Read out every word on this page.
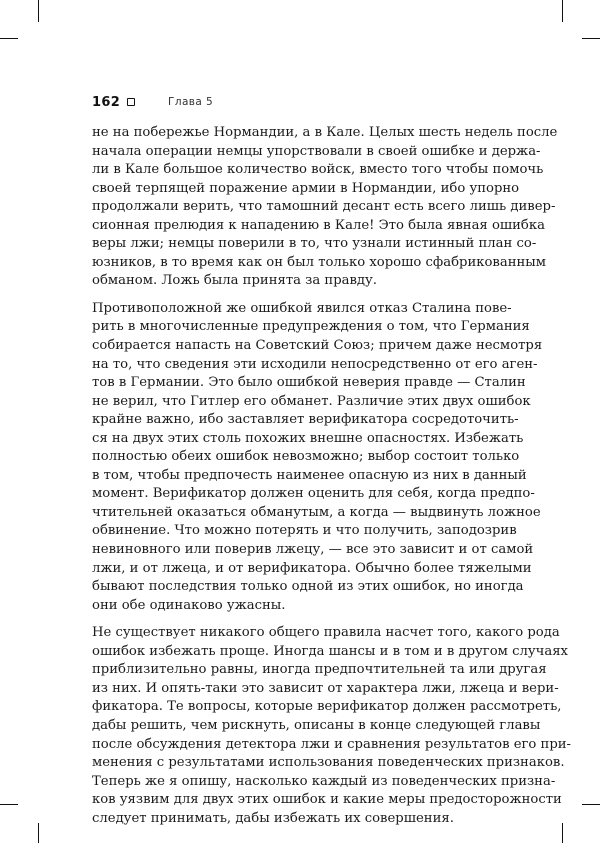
162	Глава 5

не на побережье Нормандии, а в Кале. Целых шесть недель после
начала операции немцы упорствовали в своей ошибке и держа-
ли в Кале большое количество войск, вместо того чтобы помочь
своей терпящей поражение армии в Нормандии, ибо упорно
продолжали верить, что тамошний десант есть всего лишь дивер-
сионная прелюдия к нападению в Кале! Это была явная ошибка
веры лжи; немцы поверили в то, что узнали истинный план со-
юзников, в то время как он был только хорошо сфабрикованным
обманом. Ложь была принята за правду.

Противоположной же ошибкой явился отказ Сталина пове-
рить в многочисленные предупреждения о том, что Германия
собирается напасть на Советский Союз; причем даже несмотря
на то, что сведения эти исходили непосредственно от его аген-
тов в Германии. Это было ошибкой неверия правде — Сталин
не верил, что Гитлер его обманет. Различие этих двух ошибок
крайне важно, ибо заставляет верификатора сосредоточить-
ся на двух этих столь похожих внешне опасностях. Избежать
полностью обеих ошибок невозможно; выбор состоит только
в том, чтобы предпочесть наименее опасную из них в данный
момент. Верификатор должен оценить для себя, когда предпо-
чтительней оказаться обманутым, а когда — выдвинуть ложное
обвинение. Что можно потерять и что получить, заподозрив
невиновного или поверив лжецу, — все это зависит и от самой
лжи, и от лжеца, и от верификатора. Обычно более тяжелыми
бывают последствия только одной из этих ошибок, но иногда
они обе одинаково ужасны.

Не существует никакого общего правила насчет того, какого рода
ошибок избежать проще. Иногда шансы и в том и в другом случаях
приблизительно равны, иногда предпочтительней та или другая
из них. И опять-таки это зависит от характера лжи, лжеца и вери-
фикатора. Те вопросы, которые верификатор должен рассмотреть,
дабы решить, чем рискнуть, описаны в конце следующей главы
после обсуждения детектора лжи и сравнения результатов его при-
менения с результатами использования поведенческих признаков.
Теперь же я опишу, насколько каждый из поведенческих призна-
ков уязвим для двух этих ошибок и какие меры предосторожности
следует принимать, дабы избежать их совершения.
